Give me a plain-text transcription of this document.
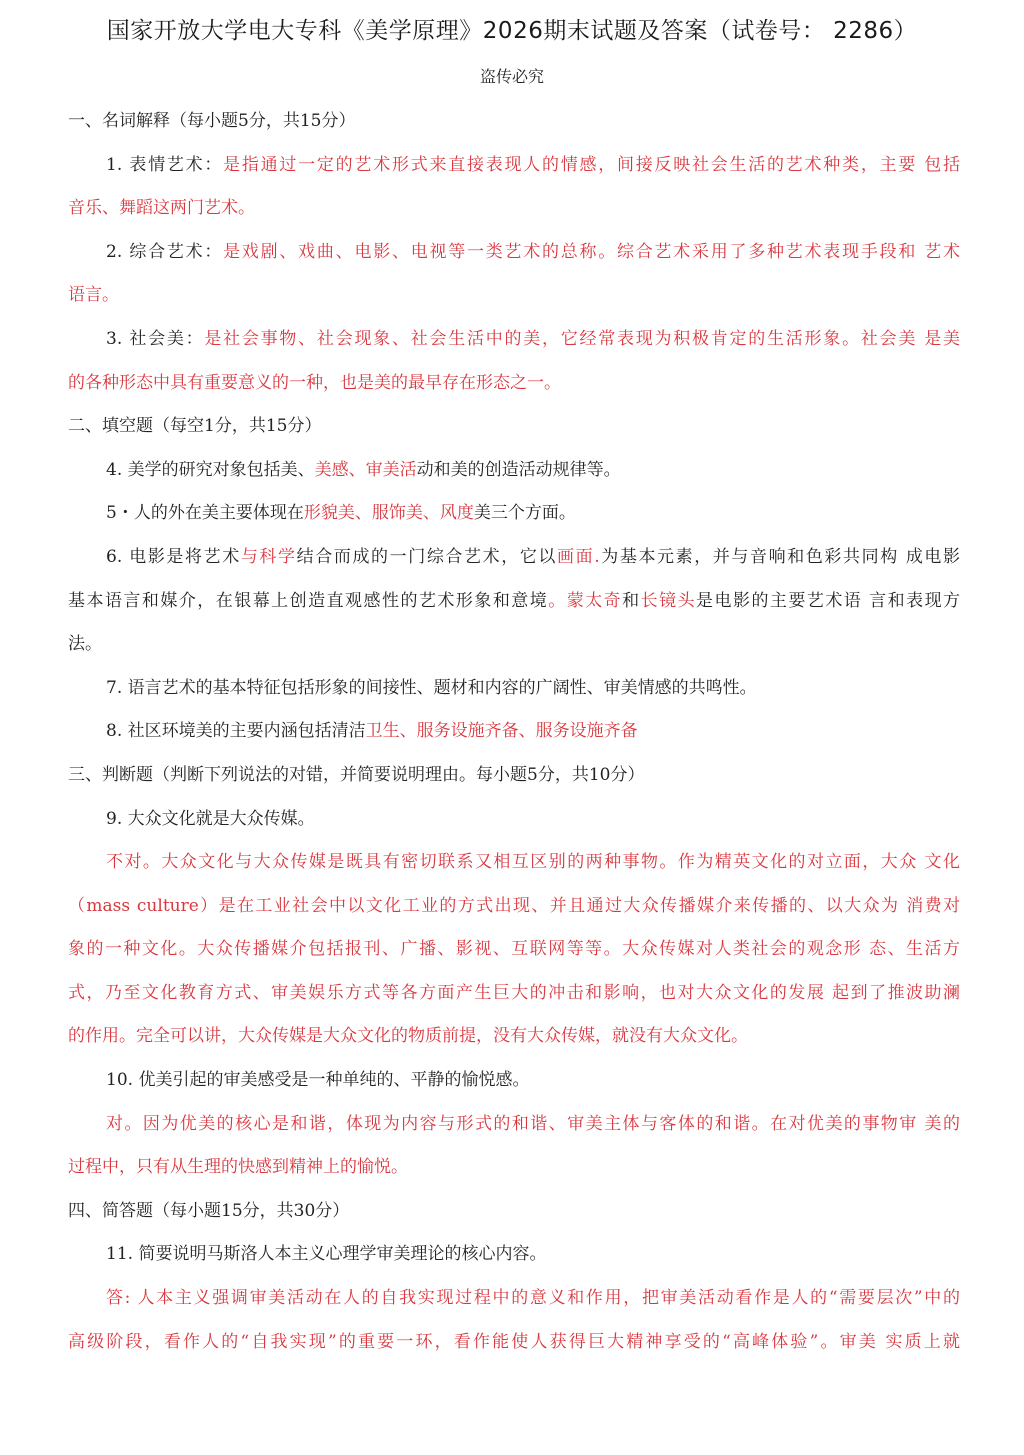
国家开放大学电大专科《美学原理》2026期末试题及答案（试卷号： 2286）
盗传必究
一、名词解释（每小题5分，共15分）
1. 表情艺术：是指通过一定的艺术形式来直接表现人的情感，间接反映社会生活的艺术种类，主要 包括
音乐、舞蹈这两门艺术。
2. 综合艺术：是戏剧、戏曲、电影、电视等一类艺术的总称。综合艺术采用了多种艺术表现手段和 艺术
语言。
3. 社会美：是社会事物、社会现象、社会生活中的美，它经常表现为积极肯定的生活形象。社会美 是美
的各种形态中具有重要意义的一种，也是美的最早存在形态之一。
二、填空题（每空1分，共15分）
4. 美学的研究对象包括美、美感、审美活动和美的创造活动规律等。
5・人的外在美主要体现在形貌美、服饰美、风度美三个方面。
6. 电影是将艺术与科学结合而成的一门综合艺术，它以画面.为基本元素，并与音响和色彩共同构 成电影
基本语言和媒介，在银幕上创造直观感性的艺术形象和意境。蒙太奇和长镜头是电影的主要艺术语 言和表现方
法。
7. 语言艺术的基本特征包括形象的间接性、题材和内容的广阔性、审美情感的共鸣性。
8. 社区环境美的主要内涵包括清洁卫生、服务设施齐备、服务设施齐备
三、判断题（判断下列说法的对错，并简要说明理由。每小题5分，共10分）
9. 大众文化就是大众传媒。
不对。大众文化与大众传媒是既具有密切联系又相互区别的两种事物。作为精英文化的对立面，大众 文化
（mass culture）是在工业社会中以文化工业的方式出现、并且通过大众传播媒介来传播的、以大众为 消费对
象的一种文化。大众传播媒介包括报刊、广播、影视、互联网等等。大众传媒对人类社会的观念形 态、生活方
式，乃至文化教育方式、审美娱乐方式等各方面产生巨大的冲击和影响，也对大众文化的发展 起到了推波助澜
的作用。完全可以讲，大众传媒是大众文化的物质前提，没有大众传媒，就没有大众文化。
10. 优美引起的审美感受是一种单纯的、平静的愉悦感。
对。因为优美的核心是和谐，体现为内容与形式的和谐、审美主体与客体的和谐。在对优美的事物审 美的
过程中，只有从生理的快感到精神上的愉悦。
四、简答题（每小题15分，共30分）
11. 简要说明马斯洛人本主义心理学审美理论的核心内容。
答: 人本主义强调审美活动在人的自我实现过程中的意义和作用，把审美活动看作是人的“需要层次”中的
高级阶段，看作人的“自我实现”的重要一环，看作能使人获得巨大精神享受的“高峰体验”。审美 实质上就
